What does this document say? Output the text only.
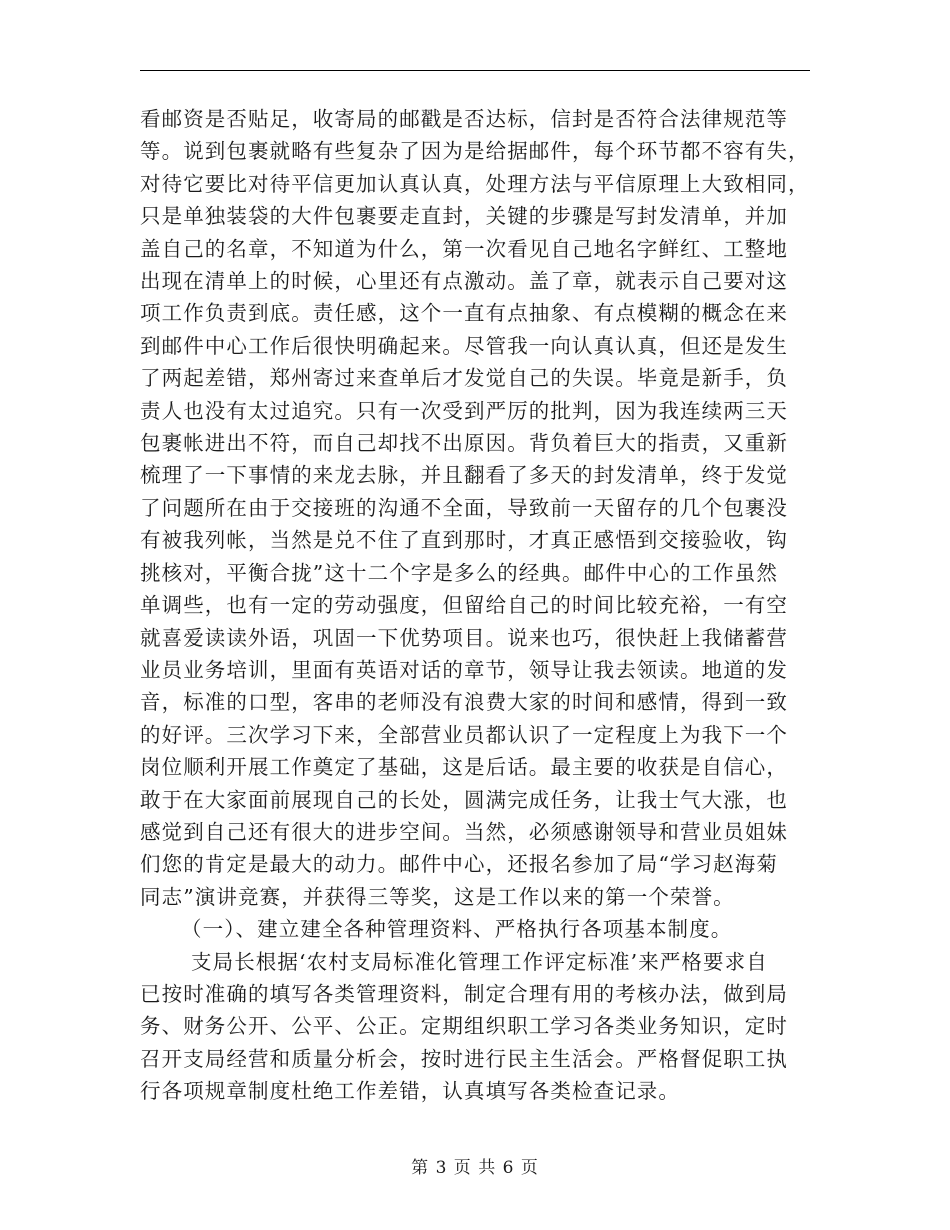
看邮资是否贴足，收寄局的邮戳是否达标，信封是否符合法律规范等
等。说到包裹就略有些复杂了因为是给据邮件，每个环节都不容有失，
对待它要比对待平信更加认真认真，处理方法与平信原理上大致相同，
只是单独装袋的大件包裹要走直封，关键的步骤是写封发清单，并加
盖自己的名章，不知道为什么，第一次看见自己地名字鲜红、工整地
出现在清单上的时候，心里还有点激动。盖了章，就表示自己要对这
项工作负责到底。责任感，这个一直有点抽象、有点模糊的概念在来
到邮件中心工作后很快明确起来。尽管我一向认真认真，但还是发生
了两起差错，郑州寄过来查单后才发觉自己的失误。毕竟是新手，负
责人也没有太过追究。只有一次受到严厉的批判，因为我连续两三天
包裹帐进出不符，而自己却找不出原因。背负着巨大的指责，又重新
梳理了一下事情的来龙去脉，并且翻看了多天的封发清单，终于发觉
了问题所在由于交接班的沟通不全面，导致前一天留存的几个包裹没
有被我列帐，当然是兑不住了直到那时，才真正感悟到交接验收，钩
挑核对，平衡合拢”这十二个字是多么的经典。邮件中心的工作虽然
单调些，也有一定的劳动强度，但留给自己的时间比较充裕，一有空
就喜爱读读外语，巩固一下优势项目。说来也巧，很快赶上我储蓄营
业员业务培训，里面有英语对话的章节，领导让我去领读。地道的发
音，标准的口型，客串的老师没有浪费大家的时间和感情，得到一致
的好评。三次学习下来，全部营业员都认识了一定程度上为我下一个
岗位顺利开展工作奠定了基础，这是后话。最主要的收获是自信心，
敢于在大家面前展现自己的长处，圆满完成任务，让我士气大涨，也
感觉到自己还有很大的进步空间。当然，必须感谢领导和营业员姐妹
们您的肯定是最大的动力。邮件中心，还报名参加了局“学习赵海菊
同志”演讲竞赛，并获得三等奖，这是工作以来的第一个荣誉。

（一）、建立建全各种管理资料、严格执行各项基本制度。

支局长根据‘农村支局标准化管理工作评定标准’来严格要求自
已按时准确的填写各类管理资料，制定合理有用的考核办法，做到局
务、财务公开、公平、公正。定期组织职工学习各类业务知识，定时
召开支局经营和质量分析会，按时进行民主生活会。严格督促职工执
行各项规章制度杜绝工作差错，认真填写各类检查记录。

第 3 页 共 6 页
